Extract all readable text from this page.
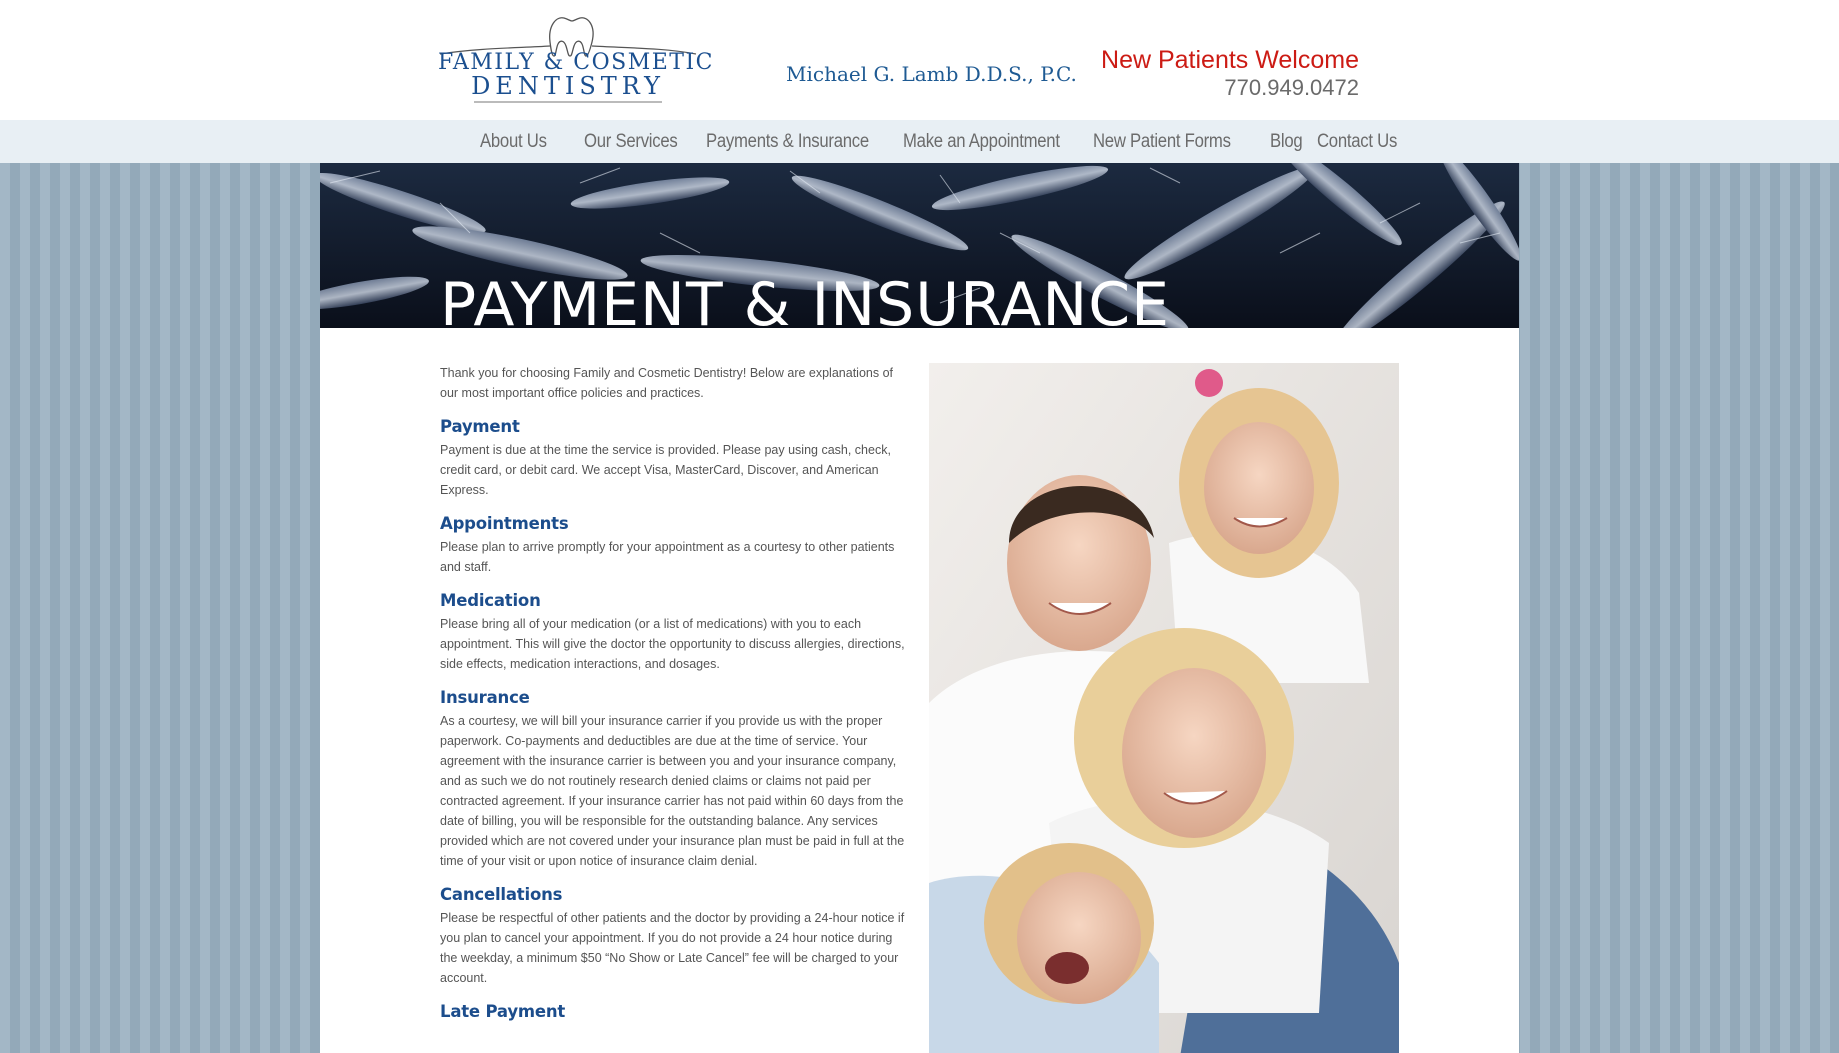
FAMILY & COSMETIC
DENTISTRY	Michael G. Lamb D.D.S., P.C. New Patients Welcome
770.949.0472
About Us Our Services Payments & Insurance Make an Appointment New Patient Forms Blog Contact Us
PAYMENT & INSURANCE

Thank you for choosing Family and Cosmetic Dentistry! Below are explanations of our most important office policies and practices.

Payment

Payment is due at the time the service is provided. Please pay using cash, check, credit card, or debit card. We accept Visa, MasterCard, Discover, and American Express.

Appointments

Please plan to arrive promptly for your appointment as a courtesy to other patients and staff.

Medication

Please bring all of your medication (or a list of medications) with you to each appointment. This will give the doctor the opportunity to discuss allergies, directions, side effects, medication interactions, and dosages.

Insurance

As a courtesy, we will bill your insurance carrier if you provide us with the proper paperwork. Co-payments and deductibles are due at the time of service. Your agreement with the insurance carrier is between you and your insurance company, and as such we do not routinely research denied claims or claims not paid per contracted agreement. If your insurance carrier has not paid within 60 days from the date of billing, you will be responsible for the outstanding balance. Any services provided which are not covered under your insurance plan must be paid in full at the time of your visit or upon notice of insurance claim denial.

Cancellations

Please be respectful of other patients and the doctor by providing a 24-hour notice if you plan to cancel your appointment. If you do not provide a 24 hour notice during the weekday, a minimum $50 “No Show or Late Cancel” fee will be charged to your account.

Late Payment
